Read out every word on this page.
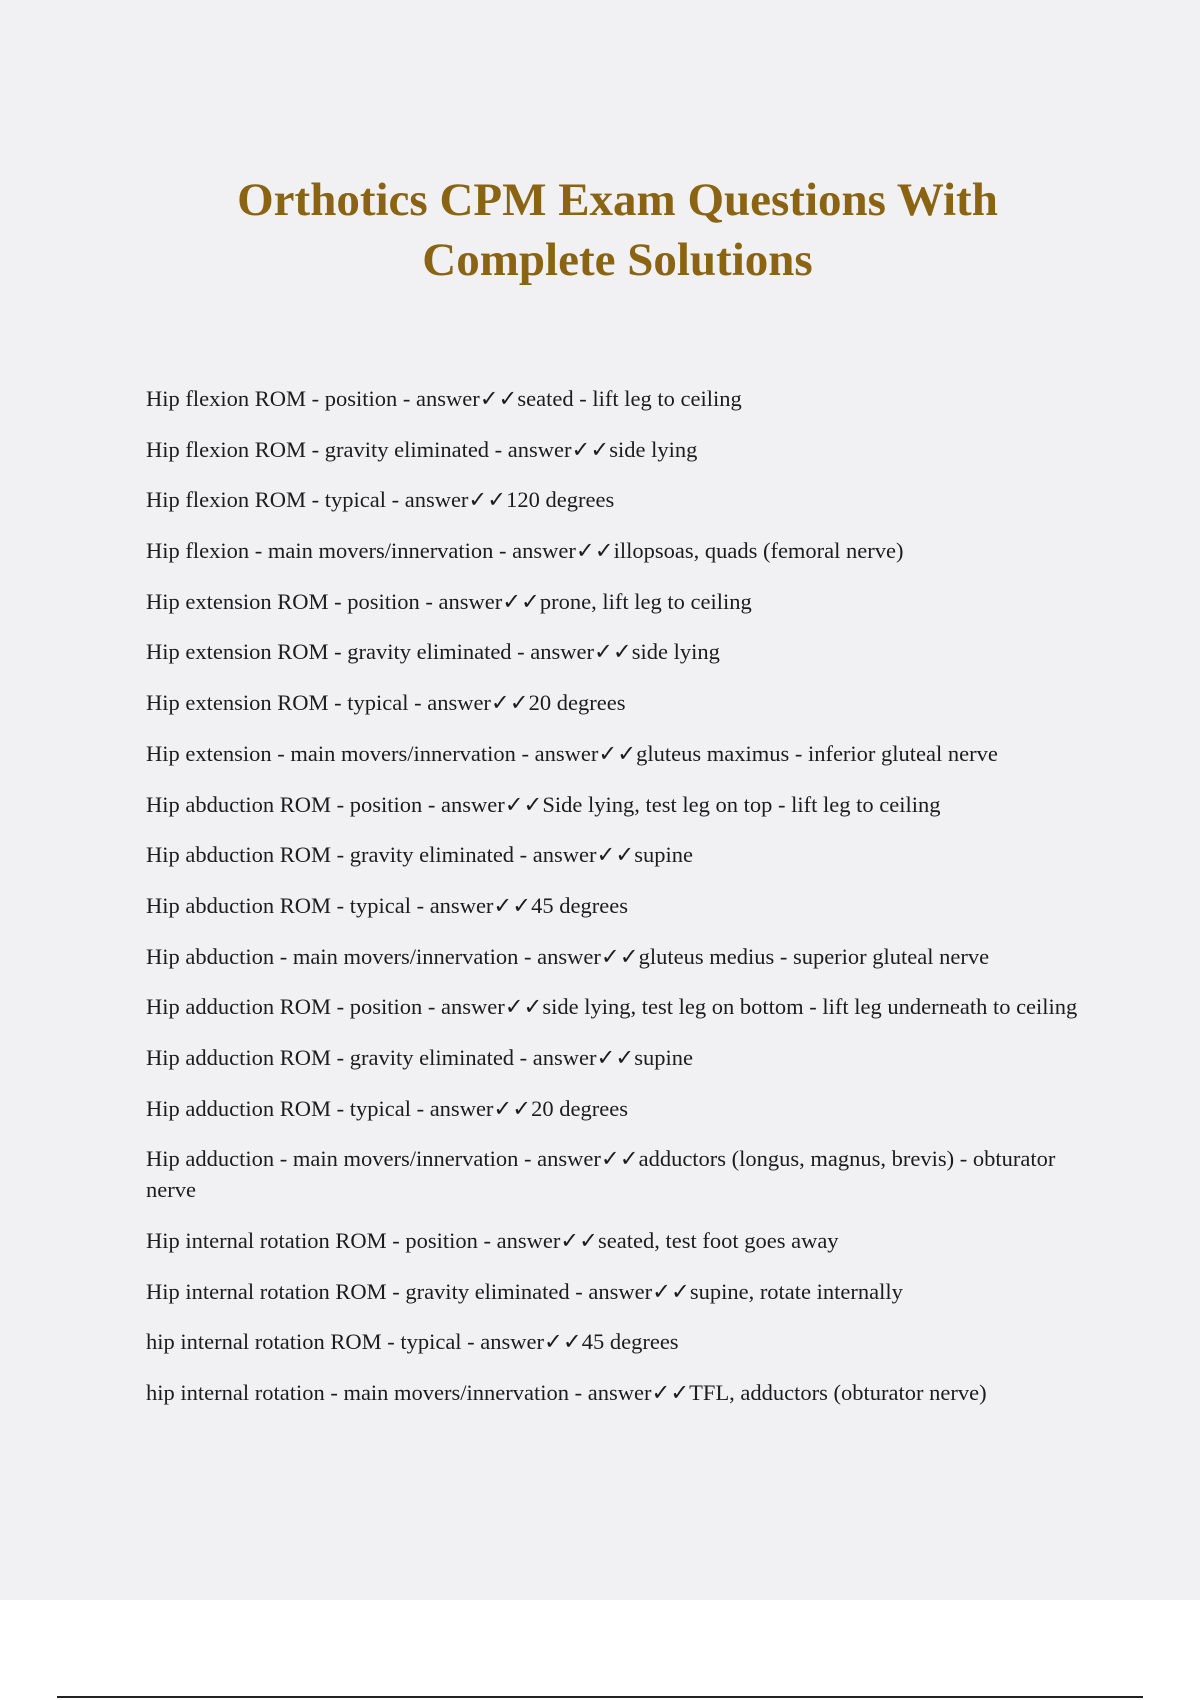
Orthotics CPM Exam Questions With Complete Solutions
Hip flexion ROM - position - answer✓✓seated - lift leg to ceiling
Hip flexion ROM - gravity eliminated - answer✓✓side lying
Hip flexion ROM - typical - answer✓✓120 degrees
Hip flexion - main movers/innervation - answer✓✓illopsoas, quads (femoral nerve)
Hip extension ROM - position - answer✓✓prone, lift leg to ceiling
Hip extension ROM - gravity eliminated - answer✓✓side lying
Hip extension ROM - typical - answer✓✓20 degrees
Hip extension - main movers/innervation - answer✓✓gluteus maximus - inferior gluteal nerve
Hip abduction ROM - position - answer✓✓Side lying, test leg on top - lift leg to ceiling
Hip abduction ROM - gravity eliminated - answer✓✓supine
Hip abduction ROM - typical - answer✓✓45 degrees
Hip abduction - main movers/innervation - answer✓✓gluteus medius - superior gluteal nerve
Hip adduction ROM - position - answer✓✓side lying, test leg on bottom - lift leg underneath to ceiling
Hip adduction ROM - gravity eliminated - answer✓✓supine
Hip adduction ROM - typical - answer✓✓20 degrees
Hip adduction - main movers/innervation - answer✓✓adductors (longus, magnus, brevis) - obturator nerve
Hip internal rotation ROM - position - answer✓✓seated, test foot goes away
Hip internal rotation ROM - gravity eliminated - answer✓✓supine, rotate internally
hip internal rotation ROM - typical - answer✓✓45 degrees
hip internal rotation - main movers/innervation - answer✓✓TFL, adductors (obturator nerve)
